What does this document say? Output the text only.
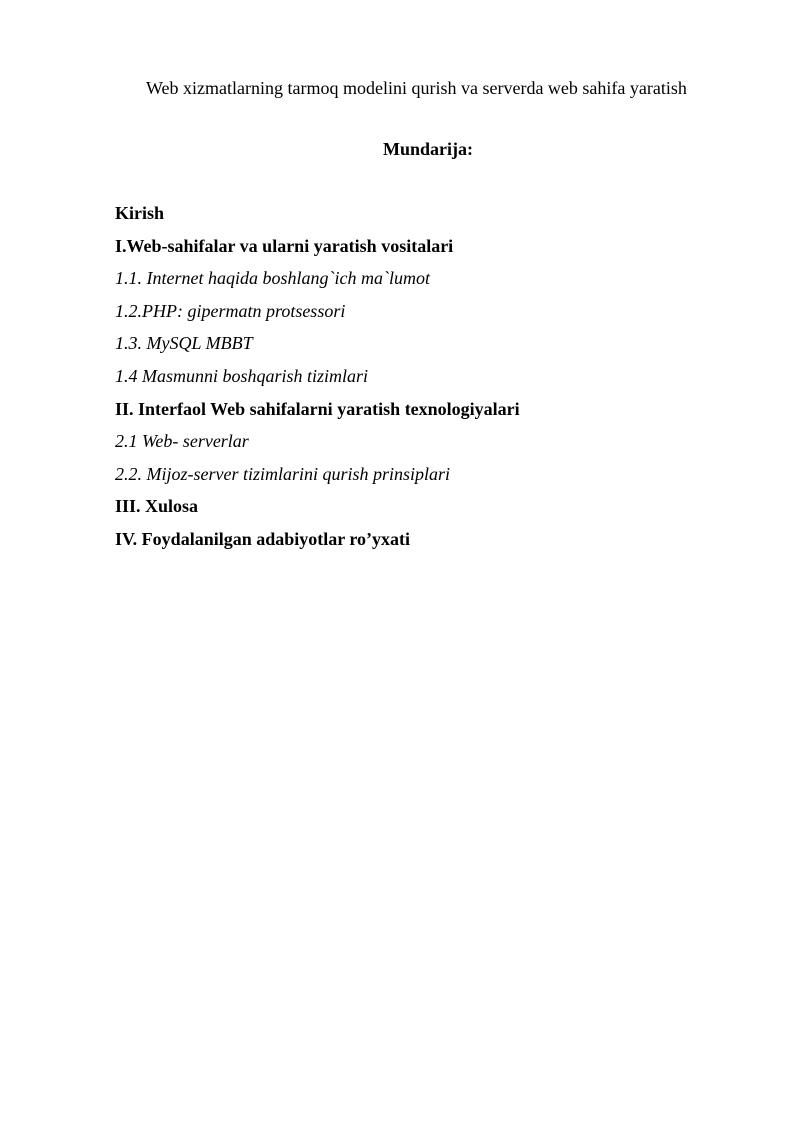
Web xizmatlarning tarmoq modelini qurish va serverda web sahifa yaratish
Mundarija:
Kirish
I.Web-sahifalar va ularni yaratish vositalari
1.1. Internet haqida boshlang`ich ma`lumot
1.2.PHP: gipermatn protsessori
1.3. MySQL MBBT
1.4 Masmunni boshqarish tizimlari
II. Interfaol Web sahifalarni yaratish texnologiyalari
2.1 Web- serverlar
2.2. Mijoz-server tizimlarini qurish prinsiplari
III. Xulosa
IV. Foydalanilgan adabiyotlar ro’yxati
